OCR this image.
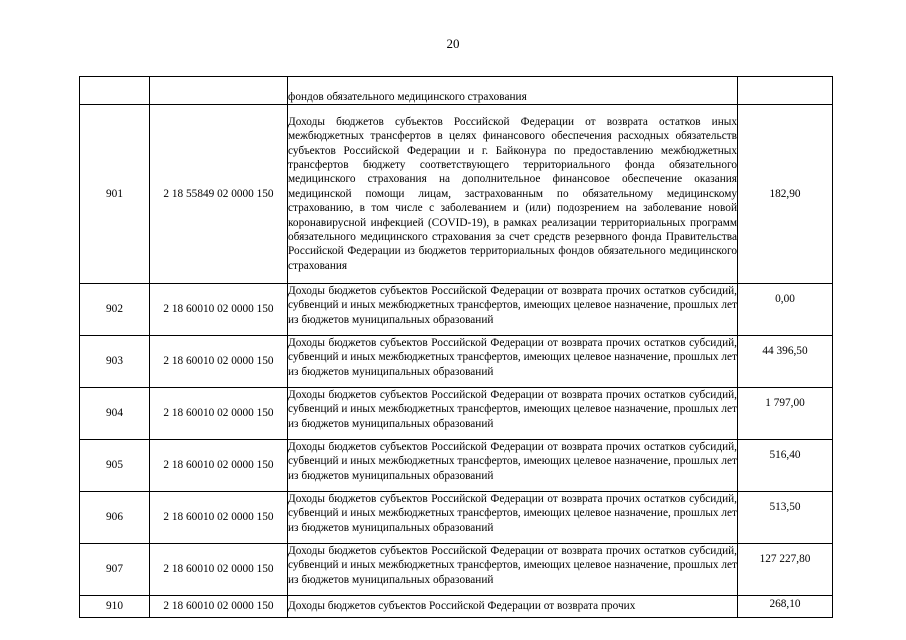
20

		фондов обязательного медицинского страхования	

901	2 18 55849 02 0000 150	Доходы бюджетов субъектов Российской Федерации от возврата остатков иных межбюджетных трансфертов в целях финансового обеспечения расходных обязательств субъектов Российской Федерации и г. Байконура по предоставлению межбюджетных трансфертов бюджету соответствующего территориального фонда обязательного медицинского страхования на дополнительное финансовое обеспечение оказания медицинской помощи лицам, застрахованным по обязательному медицинскому страхованию, в том числе с заболеванием и (или) подозрением на заболевание новой коронавирусной инфекцией (COVID-19), в рамках реализации территориальных программ обязательного медицинского страхования за счет средств резервного фонда Правительства Российской Федерации из бюджетов территориальных фондов обязательного медицинского страхования	182,90
902	2 18 60010 02 0000 150	Доходы бюджетов субъектов Российской Федерации от возврата прочих остатков субсидий, субвенций и иных межбюджетных трансфертов, имеющих целевое назначение, прошлых лет из бюджетов муниципальных образований	0,00
903	2 18 60010 02 0000 150	Доходы бюджетов субъектов Российской Федерации от возврата прочих остатков субсидий, субвенций и иных межбюджетных трансфертов, имеющих целевое назначение, прошлых лет из бюджетов муниципальных образований	44 396,50
904	2 18 60010 02 0000 150	Доходы бюджетов субъектов Российской Федерации от возврата прочих остатков субсидий, субвенций и иных межбюджетных трансфертов, имеющих целевое назначение, прошлых лет из бюджетов муниципальных образований	1 797,00
905	2 18 60010 02 0000 150	Доходы бюджетов субъектов Российской Федерации от возврата прочих остатков субсидий, субвенций и иных межбюджетных трансфертов, имеющих целевое назначение, прошлых лет из бюджетов муниципальных образований	516,40
906	2 18 60010 02 0000 150	Доходы бюджетов субъектов Российской Федерации от возврата прочих остатков субсидий, субвенций и иных межбюджетных трансфертов, имеющих целевое назначение, прошлых лет из бюджетов муниципальных образований	513,50
907	2 18 60010 02 0000 150	Доходы бюджетов субъектов Российской Федерации от возврата прочих остатков субсидий, субвенций и иных межбюджетных трансфертов, имеющих целевое назначение, прошлых лет из бюджетов муниципальных образований	127 227,80
910	2 18 60010 02 0000 150	Доходы бюджетов субъектов Российской Федерации от возврата прочих	268,10
